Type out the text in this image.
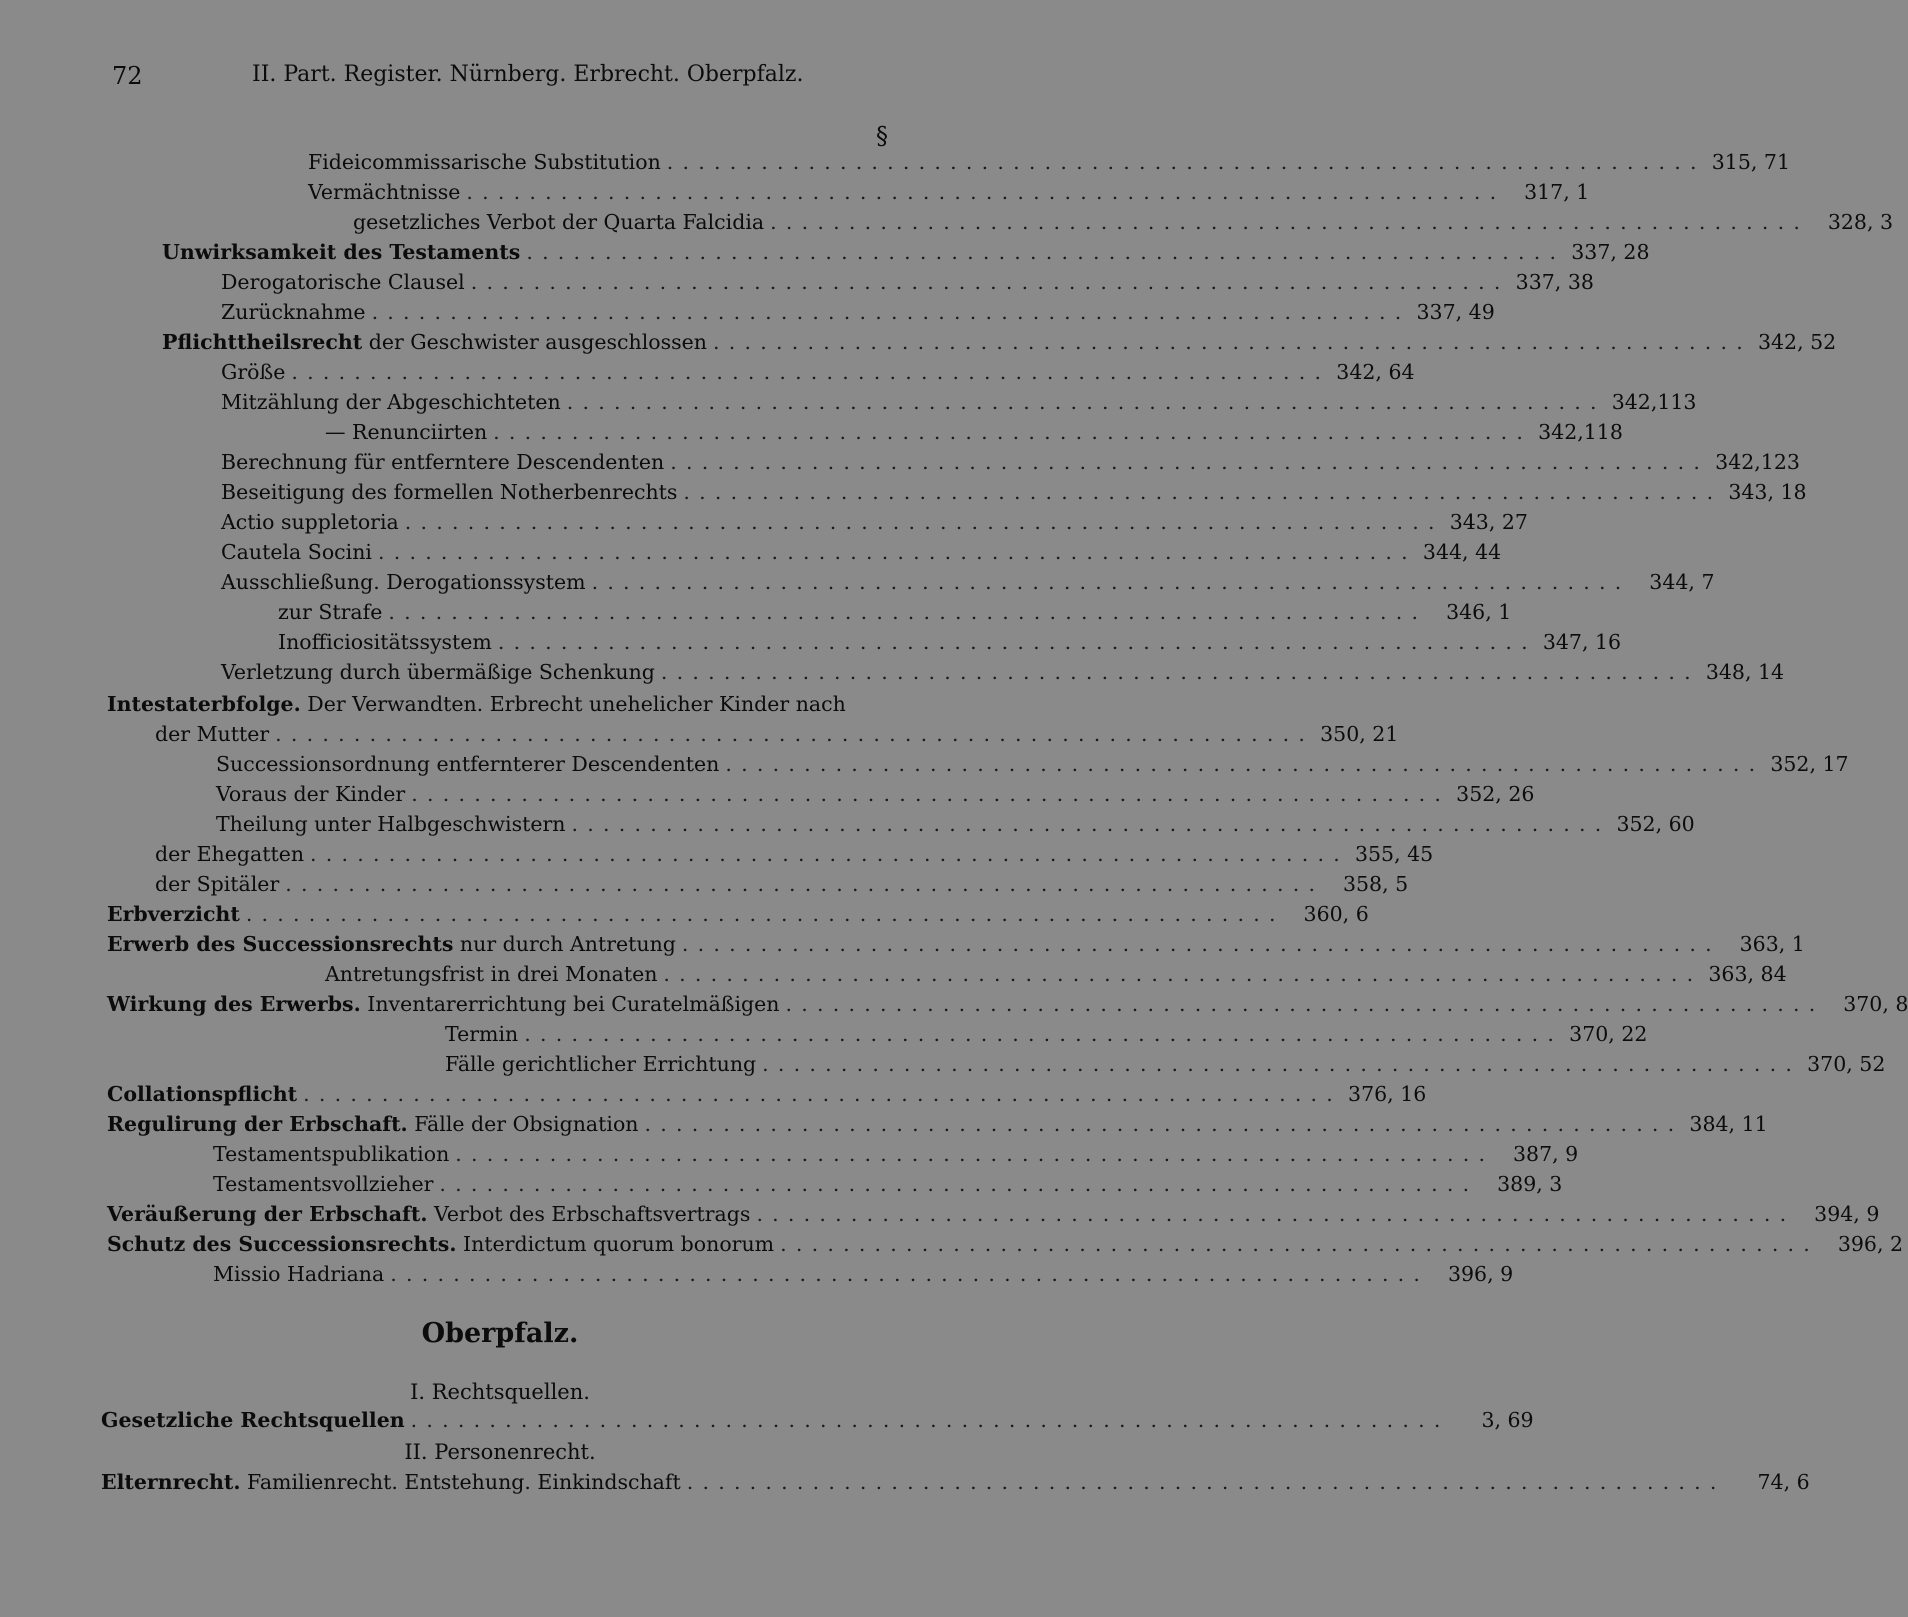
72	II. Part. Register. Nürnberg. Erbrecht. Oberpfalz.
§
Fideicommissarische Substitution .................................................................. 315, 71
Vermächtnisse .................................................................. 317, 1
gesetzliches Verbot der Quarta Falcidia .................................................................. 328, 3
Unwirksamkeit des Testaments .................................................................. 337, 28
Derogatorische Clausel .................................................................. 337, 38
Zurücknahme .................................................................. 337, 49
Pflichttheilsrecht der Geschwister ausgeschlossen .................................................................. 342, 52
Größe .................................................................. 342, 64
Mitzählung der Abgeschichteten .................................................................. 342,113
— Renunciirten .................................................................. 342,118
Berechnung für entferntere Descendenten .................................................................. 342,123
Beseitigung des formellen Notherbenrechts .................................................................. 343, 18
Actio suppletoria .................................................................. 343, 27
Cautela Socini .................................................................. 344, 44
Ausschließung. Derogationssystem .................................................................. 344, 7
zur Strafe .................................................................. 346, 1
Inofficiositätssystem .................................................................. 347, 16
Verletzung durch übermäßige Schenkung .................................................................. 348, 14
Intestaterbfolge. Der Verwandten. Erbrecht unehelicher Kinder nach
der Mutter .................................................................. 350, 21
Successionsordnung entfernterer Descendenten .................................................................. 352, 17
Voraus der Kinder .................................................................. 352, 26
Theilung unter Halbgeschwistern .................................................................. 352, 60
der Ehegatten .................................................................. 355, 45
der Spitäler .................................................................. 358, 5
Erbverzicht .................................................................. 360, 6
Erwerb des Successionsrechts nur durch Antretung .................................................................. 363, 1
Antretungsfrist in drei Monaten .................................................................. 363, 84
Wirkung des Erwerbs. Inventarerrichtung bei Curatelmäßigen .................................................................. 370, 8
Termin .................................................................. 370, 22
Fälle gerichtlicher Errichtung .................................................................. 370, 52
Collationspflicht .................................................................. 376, 16
Regulirung der Erbschaft. Fälle der Obsignation .................................................................. 384, 11
Testamentspublikation .................................................................. 387, 9
Testamentsvollzieher .................................................................. 389, 3
Veräußerung der Erbschaft. Verbot des Erbschaftsvertrags .................................................................. 394, 9
Schutz des Successionsrechts. Interdictum quorum bonorum .................................................................. 396, 2
Missio Hadriana .................................................................. 396, 9
Oberpfalz.
I. Rechtsquellen.
Gesetzliche Rechtsquellen ..................................................................	3, 69
II. Personenrecht.
Elternrecht. Familienrecht. Entstehung. Einkindschaft ..................................................................	74, 6
